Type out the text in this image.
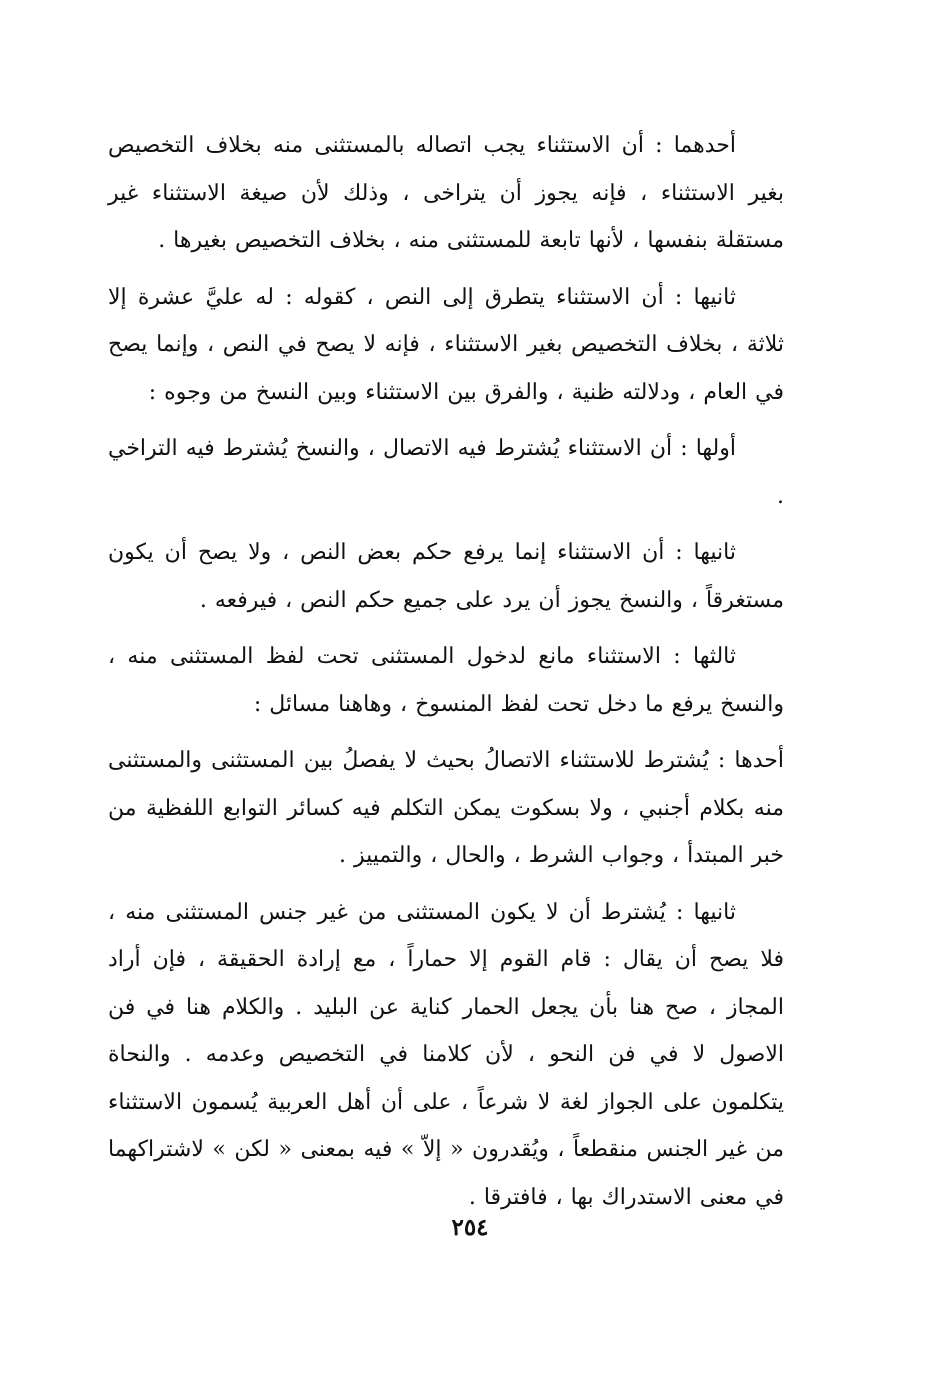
أحدهما : أن الاستثناء يجب اتصاله بالمستثنى منه بخلاف التخصيص بغير الاستثناء ، فإنه يجوز أن يتراخى ، وذلك لأن صيغة الاستثناء غير مستقلة بنفسها ، لأنها تابعة للمستثنى منه ، بخلاف التخصيص بغيرها .

ثانيها : أن الاستثناء يتطرق إلى النص ، كقوله : له عليَّ عشرة إلا ثلاثة ، بخلاف التخصيص بغير الاستثناء ، فإنه لا يصح في النص ، وإنما يصح في العام ، ودلالته ظنية ، والفرق بين الاستثناء وبين النسخ من وجوه :

أولها : أن الاستثناء يُشترط فيه الاتصال ، والنسخ يُشترط فيه التراخي .

ثانيها : أن الاستثناء إنما يرفع حكم بعض النص ، ولا يصح أن يكون مستغرقاً ، والنسخ يجوز أن يرد على جميع حكم النص ، فيرفعه .

ثالثها : الاستثناء مانع لدخول المستثنى تحت لفظ المستثنى منه ، والنسخ يرفع ما دخل تحت لفظ المنسوخ ، وهاهنا مسائل :

أحدها : يُشترط للاستثناء الاتصالُ بحيث لا يفصلُ بين المستثنى والمستثنى منه بكلام أجنبي ، ولا بسكوت يمكن التكلم فيه كسائر التوابع اللفظية من خبر المبتدأ ، وجواب الشرط ، والحال ، والتمييز .

ثانيها : يُشترط أن لا يكون المستثنى من غير جنس المستثنى منه ، فلا يصح أن يقال : قام القوم إلا حماراً ، مع إرادة الحقيقة ، فإن أراد المجاز ، صح هنا بأن يجعل الحمار كناية عن البليد . والكلام هنا في فن الاصول لا في فن النحو ، لأن كلامنا في التخصيص وعدمه . والنحاة يتكلمون على الجواز لغة لا شرعاً ، على أن أهل العربية يُسمون الاستثناء من غير الجنس منقطعاً ، ويُقدرون « إلاّ » فيه بمعنى « لكن » لاشتراكهما في معنى الاستدراك بها ، فافترقا .

٢٥٤
